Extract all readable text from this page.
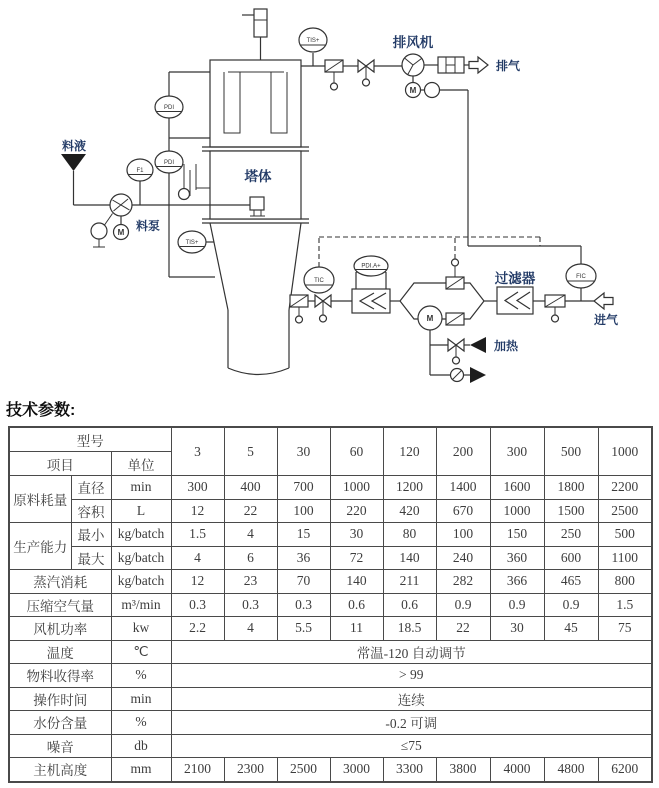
塔体
料液
M 料泵
F1
PDI
PDI
TIS+
TIS+	排风机
排气
M
FIC
进气
过滤器
M
PDI.A+
TIC
加热
技术参数:
型号			3	5	30	60	120	200	300	500	1000
项目		单位									
原料耗量	直径	min	300	400	700	1000	1200	1400	1600	1800	2200
	容积	L	12	22	100	220	420	670	1000	1500	2500
生产能力	最小	kg/batch	1.5	4	15	30	80	100	150	250	500
	最大	kg/batch	4	6	36	72	140	240	360	600	1100
蒸汽消耗		kg/batch	12	23	70	140	211	282	366	465	800
压缩空气量		m³/min	0.3	0.3	0.3	0.6	0.6	0.9	0.9	0.9	1.5
风机功率		kw	2.2	4	5.5	11	18.5	22	30	45	75
温度		℃	常温-120 自动调节								
物料收得率		%	> 99								
操作时间		min	连续								
水份含量		%	-0.2 可调								
噪音		db	≤75								
主机高度		mm	2100	2300	2500	3000	3300	3800	4000	4800	6200
